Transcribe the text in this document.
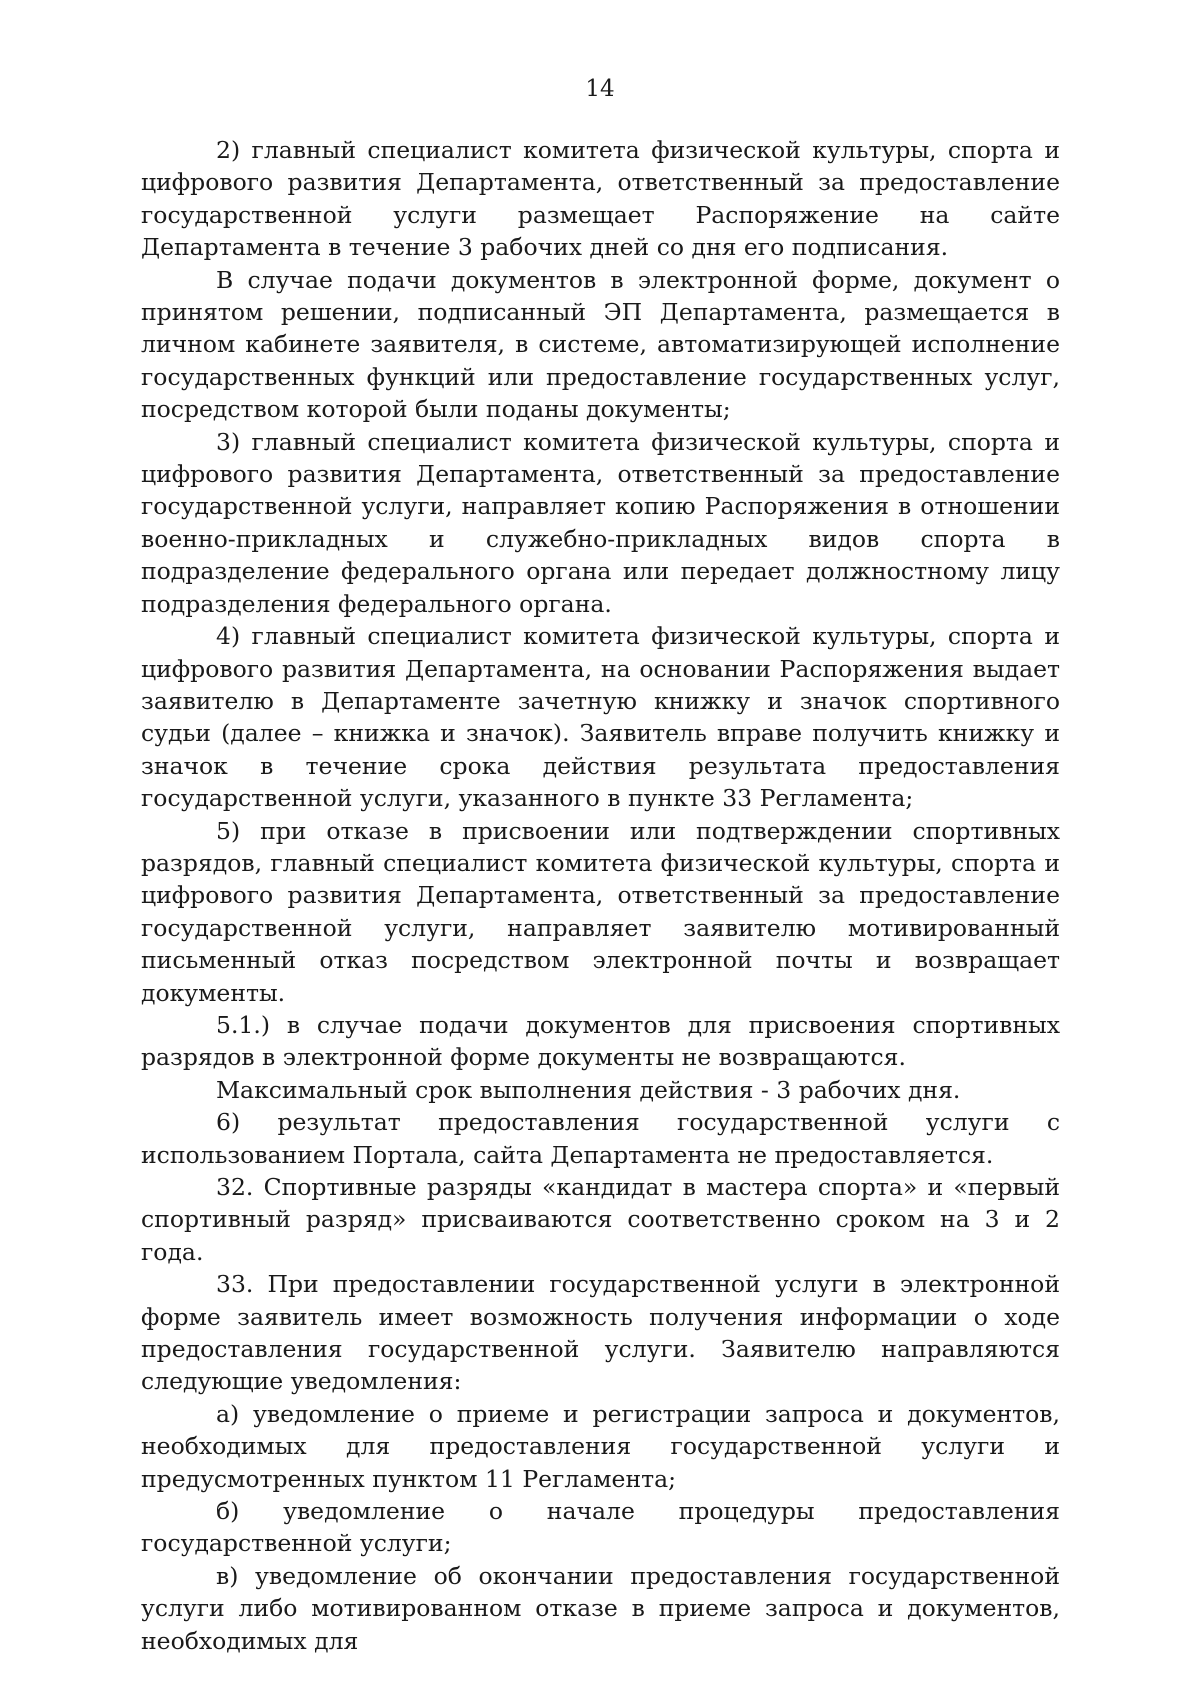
14

2) главный специалист комитета физической культуры, спорта и цифрового развития Департамента, ответственный за предоставление государственной услуги размещает Распоряжение на сайте Департамента в течение 3 рабочих дней со дня его подписания.

В случае подачи документов в электронной форме, документ о принятом решении, подписанный ЭП Департамента, размещается в личном кабинете заявителя, в системе, автоматизирующей исполнение государственных функций или предоставление государственных услуг, посредством которой были поданы документы;

3) главный специалист комитета физической культуры, спорта и цифрового развития Департамента, ответственный за предоставление государственной услуги, направляет копию Распоряжения в отношении военно-прикладных и служебно-прикладных видов спорта в подразделение федерального органа или передает должностному лицу подразделения федерального органа.

4) главный специалист комитета физической культуры, спорта и цифрового развития Департамента, на основании Распоряжения выдает заявителю в Департаменте зачетную книжку и значок спортивного судьи (далее – книжка и значок). Заявитель вправе получить книжку и значок в течение срока действия результата предоставления государственной услуги, указанного в пункте 33 Регламента;

5) при отказе в присвоении или подтверждении спортивных разрядов, главный специалист комитета физической культуры, спорта и цифрового развития Департамента, ответственный за предоставление государственной услуги, направляет заявителю мотивированный письменный отказ посредством электронной почты и возвращает документы.

5.1.) в случае подачи документов для присвоения спортивных разрядов в электронной форме документы не возвращаются.

Максимальный срок выполнения действия - 3 рабочих дня.

6) результат предоставления государственной услуги с использованием Портала, сайта Департамента не предоставляется.

32. Спортивные разряды «кандидат в мастера спорта» и «первый спортивный разряд» присваиваются соответственно сроком на 3 и 2 года.

33. При предоставлении государственной услуги в электронной форме заявитель имеет возможность получения информации о ходе предоставления государственной услуги. Заявителю направляются следующие уведомления:

а) уведомление о приеме и регистрации запроса и документов, необходимых для предоставления государственной услуги и предусмотренных пунктом 11 Регламента;

б) уведомление о начале процедуры предоставления государственной услуги;

в) уведомление об окончании предоставления государственной услуги либо мотивированном отказе в приеме запроса и документов, необходимых для
